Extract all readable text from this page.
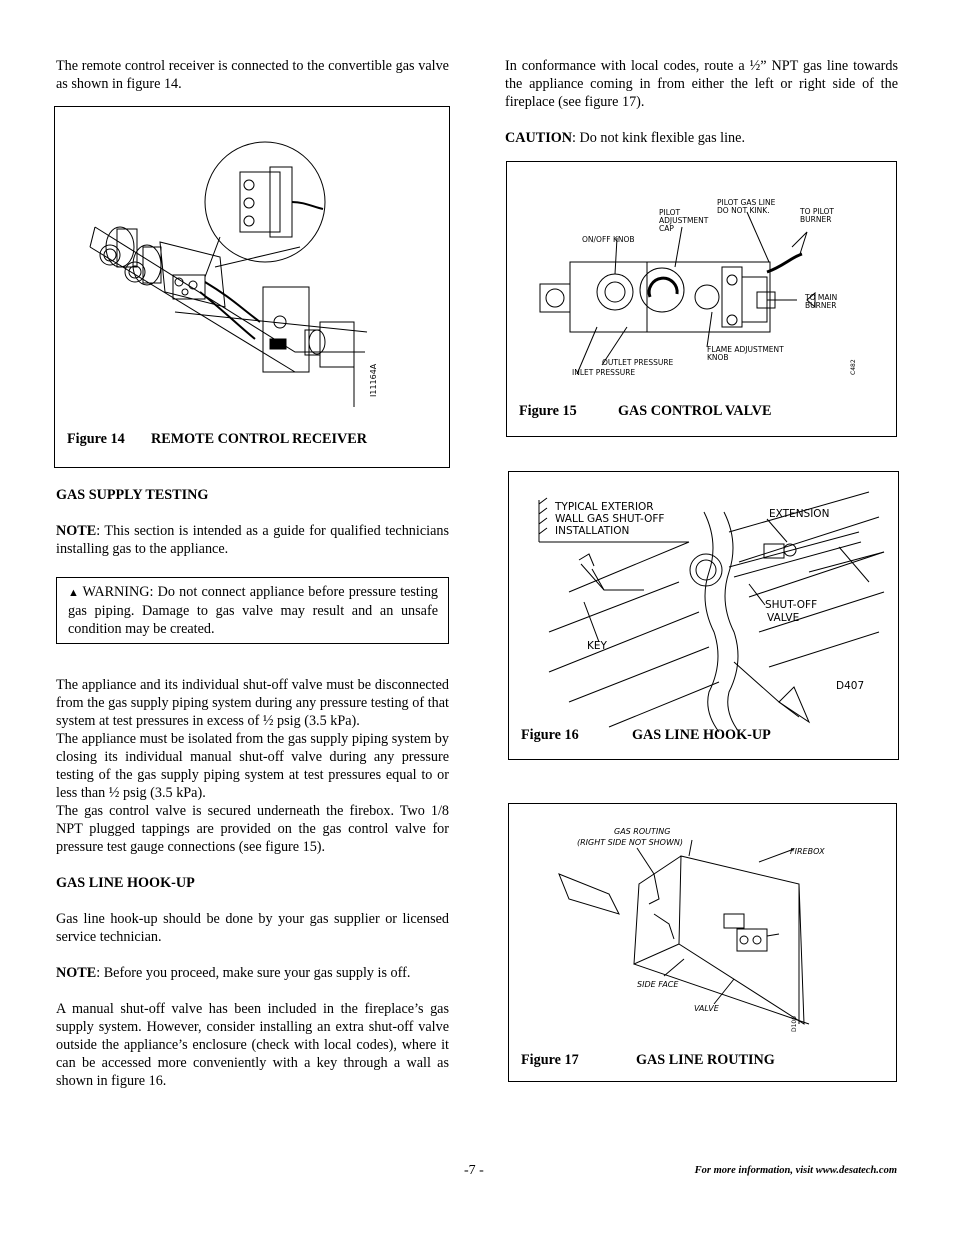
The remote control receiver is connected to the convertible gas valve as shown in figure 14.

I11164A
Figure 14 REMOTE CONTROL RECEIVER

GAS SUPPLY TESTING

NOTE: This section is intended as a guide for qualified technicians installing gas to the appliance.

▲ WARNING: Do not connect appliance before pressure testing gas piping. Damage to gas valve may result and an unsafe condition may be created.

The appliance and its individual shut-off valve must be disconnected from the gas supply piping system during any pressure testing of that system at test pressures in excess of ½ psig (3.5 kPa).

The appliance must be isolated from the gas supply piping system by closing its individual manual shut-off valve during any pressure testing of the gas supply piping system at test pressures equal to or less than ½ psig (3.5 kPa).

The gas control valve is secured underneath the firebox. Two 1/8 NPT plugged tappings are provided on the gas control valve for pressure test gauge connections (see figure 15).

GAS LINE HOOK-UP

Gas line hook-up should be done by your gas supplier or licensed service technician.

NOTE: Before you proceed, make sure your gas supply is off.

A manual shut-off valve has been included in the fireplace’s gas supply system. However, consider installing an extra shut-off valve outside the appliance’s enclosure (check with local codes), where it can be accessed more conveniently with a key through a wall as shown in figure 16.

In conformance with local codes, route a ½” NPT gas line towards the appliance coming in from either the left or right side of the fireplace (see figure 17).

CAUTION: Do not kink flexible gas line.

PILOT GAS LINE
DO NOT KINK.
PILOT
ADJUSTMENT
CAP
ON/OFF KNOB
TO PILOT
BURNER
TO MAIN
BURNER
FLAME ADJUSTMENT
KNOB
OUTLET PRESSURE
INLET PRESSURE	C482
Figure 15	GAS CONTROL VALVE
TYPICAL EXTERIOR
WALL GAS SHUT-OFF
INSTALLATION
EXTENSION
SHUT-OFF
VALVE
KEY
D407
Figure 16	GAS LINE HOOK-UP
GAS ROUTING
(RIGHT SIDE NOT SHOWN)
FIREBOX
SIDE FACE
VALVE
D100
Figure 17	GAS LINE ROUTING
-7 -	For more information, visit www.desatech.com
